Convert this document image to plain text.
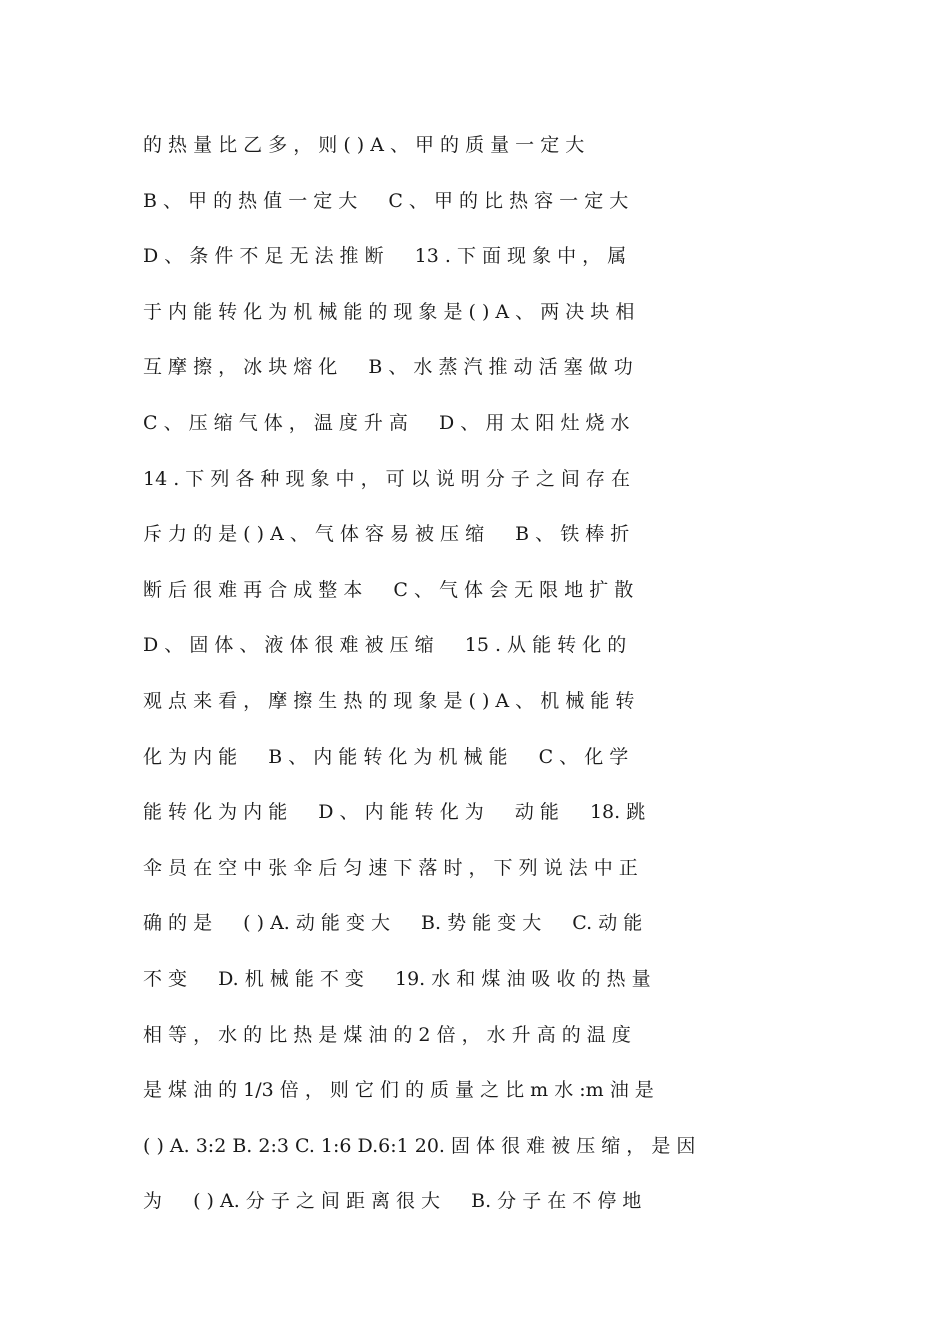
的 热 量 比 乙 多 ， 则 ( ) A 、 甲 的 质 量 一 定 大
B 、 甲 的 热 值 一 定 大 　 C 、 甲 的 比 热 容 一 定 大
D 、 条 件 不 足 无 法 推 断 　 13 . 下 面 现 象 中 ， 属
于 内 能 转 化 为 机 械 能 的 现 象 是 ( ) A 、 两 决 块 相
互 摩 擦 ， 冰 块 熔 化 　 B 、 水 蒸 汽 推 动 活 塞 做 功
C 、 压 缩 气 体 ， 温 度 升 高 　 D 、 用 太 阳 灶 烧 水
14 . 下 列 各 种 现 象 中 ， 可 以 说 明 分 子 之 间 存 在
斥 力 的 是 ( ) A 、 气 体 容 易 被 压 缩 　 B 、 铁 棒 折
断 后 很 难 再 合 成 整 本 　 C 、 气 体 会 无 限 地 扩 散
D 、 固 体 、 液 体 很 难 被 压 缩 　 15 . 从 能 转 化 的
观 点 来 看 ， 摩 擦 生 热 的 现 象 是 ( ) A 、 机 械 能 转
化 为 内 能 　 B 、 内 能 转 化 为 机 械 能 　 C 、 化 学
能 转 化 为 内 能 　 D 、 内 能 转 化 为 　 动 能 　 18. 跳
伞 员 在 空 中 张 伞 后 匀 速 下 落 时 ， 下 列 说 法 中 正
确 的 是 　 ( ) A. 动 能 变 大 　 B. 势 能 变 大 　 C. 动 能
不 变 　 D. 机 械 能 不 变 　 19. 水 和 煤 油 吸 收 的 热 量
相 等 ， 水 的 比 热 是 煤 油 的 2 倍 ， 水 升 高 的 温 度
是 煤 油 的 1/3 倍 ， 则 它 们 的 质 量 之 比 m 水 :m 油 是
( ) A. 3:2 B. 2:3 C. 1:6 D.6:1 20. 固 体 很 难 被 压 缩 ， 是 因
为 　 ( ) A. 分 子 之 间 距 离 很 大 　 B. 分 子 在 不 停 地
